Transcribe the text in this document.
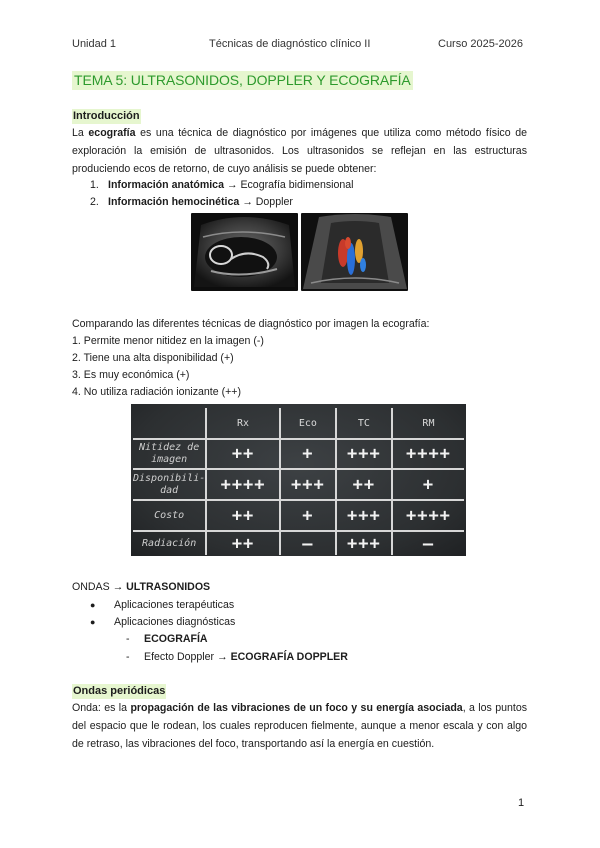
Unidad 1	Técnicas de diagnóstico clínico II	Curso 2025-2026
TEMA 5: ULTRASONIDOS, DOPPLER Y ECOGRAFÍA
Introducción

La ecografía es una técnica de diagnóstico por imágenes que utiliza como método físico de exploración la emisión de ultrasonidos. Los ultrasonidos se reflejan en las estructuras produciendo ecos de retorno, de cuyo análisis se puede obtener:

1. Información anatómica → Ecografía bidimensional
2. Información hemocinética → Doppler
Comparando las diferentes técnicas de diagnóstico por imagen la ecografía:
1. Permite menor nitidez en la imagen (-)
2. Tiene una alta disponibilidad (+)
3. Es muy económica (+)
4. No utiliza radiación ionizante (++)
	Rx	Eco	TC	RM
Nitidez de imagen	++	+	+++	++++
Disponibili-dad	++++	+++	++	+
Costo	++	+	+++	++++
Radiación	++	–	+++	–
ONDAS → ULTRASONIDOS
● Aplicaciones terapéuticas
● Aplicaciones diagnósticas
- ECOGRAFÍA
- Efecto Doppler → ECOGRAFÍA DOPPLER
Ondas periódicas

Onda: es la propagación de las vibraciones de un foco y su energía asociada, a los puntos del espacio que le rodean, los cuales reproducen fielmente, aunque a menor escala y con algo de retraso, las vibraciones del foco, transportando así la energía en cuestión.

1
